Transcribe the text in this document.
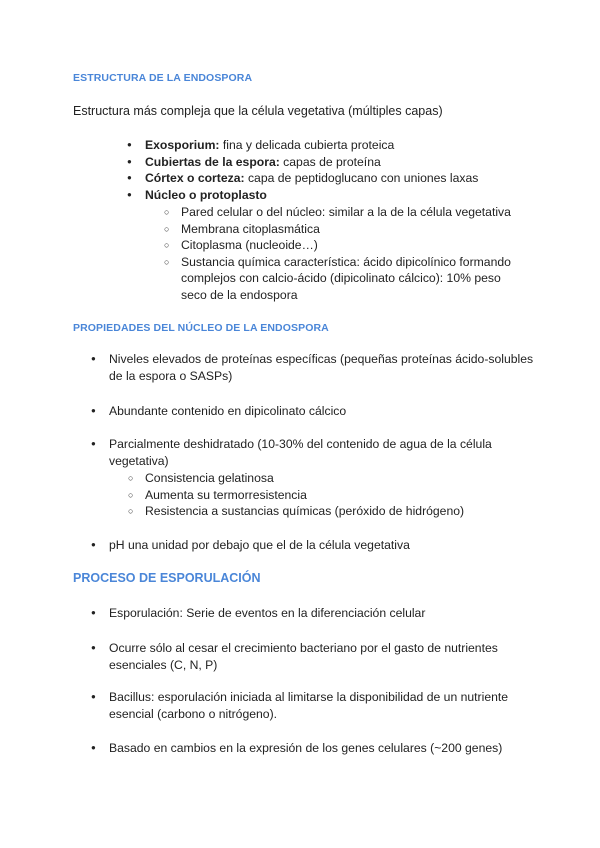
ESTRUCTURA DE LA ENDOSPORA

Estructura más compleja que la célula vegetativa (múltiples capas)

● Exosporium: fina y delicada cubierta proteica
● Cubiertas de la espora: capas de proteína
● Córtex o corteza: capa de peptidoglucano con uniones laxas
● Núcleo o protoplasto
○ Pared celular o del núcleo: similar a la de la célula vegetativa
○ Membrana citoplasmática
○ Citoplasma (nucleoide…)
○ Sustancia química característica: ácido dipicolínico formando complejos con calcio-ácido (dipicolinato cálcico): 10% peso seco de la endospora
PROPIEDADES DEL NÚCLEO DE LA ENDOSPORA
● Niveles elevados de proteínas específicas (pequeñas proteínas ácido-solubles de la espora o SASPs)
● Abundante contenido en dipicolinato cálcico
● Parcialmente deshidratado (10-30% del contenido de agua de la célula vegetativa)
○ Consistencia gelatinosa
○ Aumenta su termorresistencia
○ Resistencia a sustancias químicas (peróxido de hidrógeno)
● pH una unidad por debajo que el de la célula vegetativa
PROCESO DE ESPORULACIÓN
● Esporulación: Serie de eventos en la diferenciación celular
● Ocurre sólo al cesar el crecimiento bacteriano por el gasto de nutrientes esenciales (C, N, P)
● Bacillus: esporulación iniciada al limitarse la disponibilidad de un nutriente esencial (carbono o nitrógeno).
● Basado en cambios en la expresión de los genes celulares (~200 genes)
